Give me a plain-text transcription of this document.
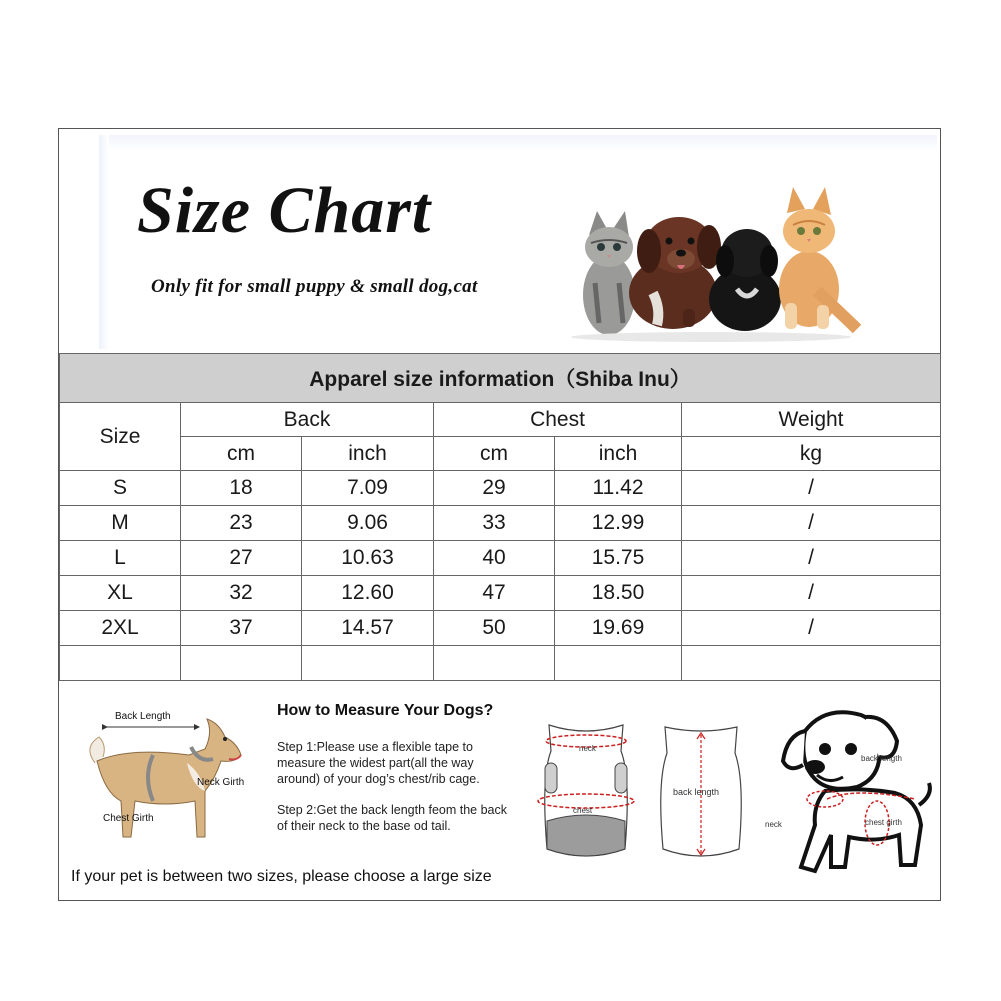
Size Chart

Only fit for small puppy & small dog,cat

Apparel size information（Shiba Inu）					
Size	Back		Chest		Weight
	cm	inch	cm	inch	kg
S	18	7.09	29	11.42	/
M	23	9.06	33	12.99	/
L	27	10.63	40	15.75	/
XL	32	12.60	47	18.50	/
2XL	37	14.57	50	19.69	/

Back Length
Neck Girth
Chest Girth
How to Measure Your Dogs?

Step 1:Please use a flexible tape to measure the widest part(all the way around) of your dog’s chest/rib cage.

Step 2:Get the back length feom the back of their neck to the base od tail.

If your pet is between two sizes, please choose a large size

neck
chest
back length
back length
neck	chest girth
